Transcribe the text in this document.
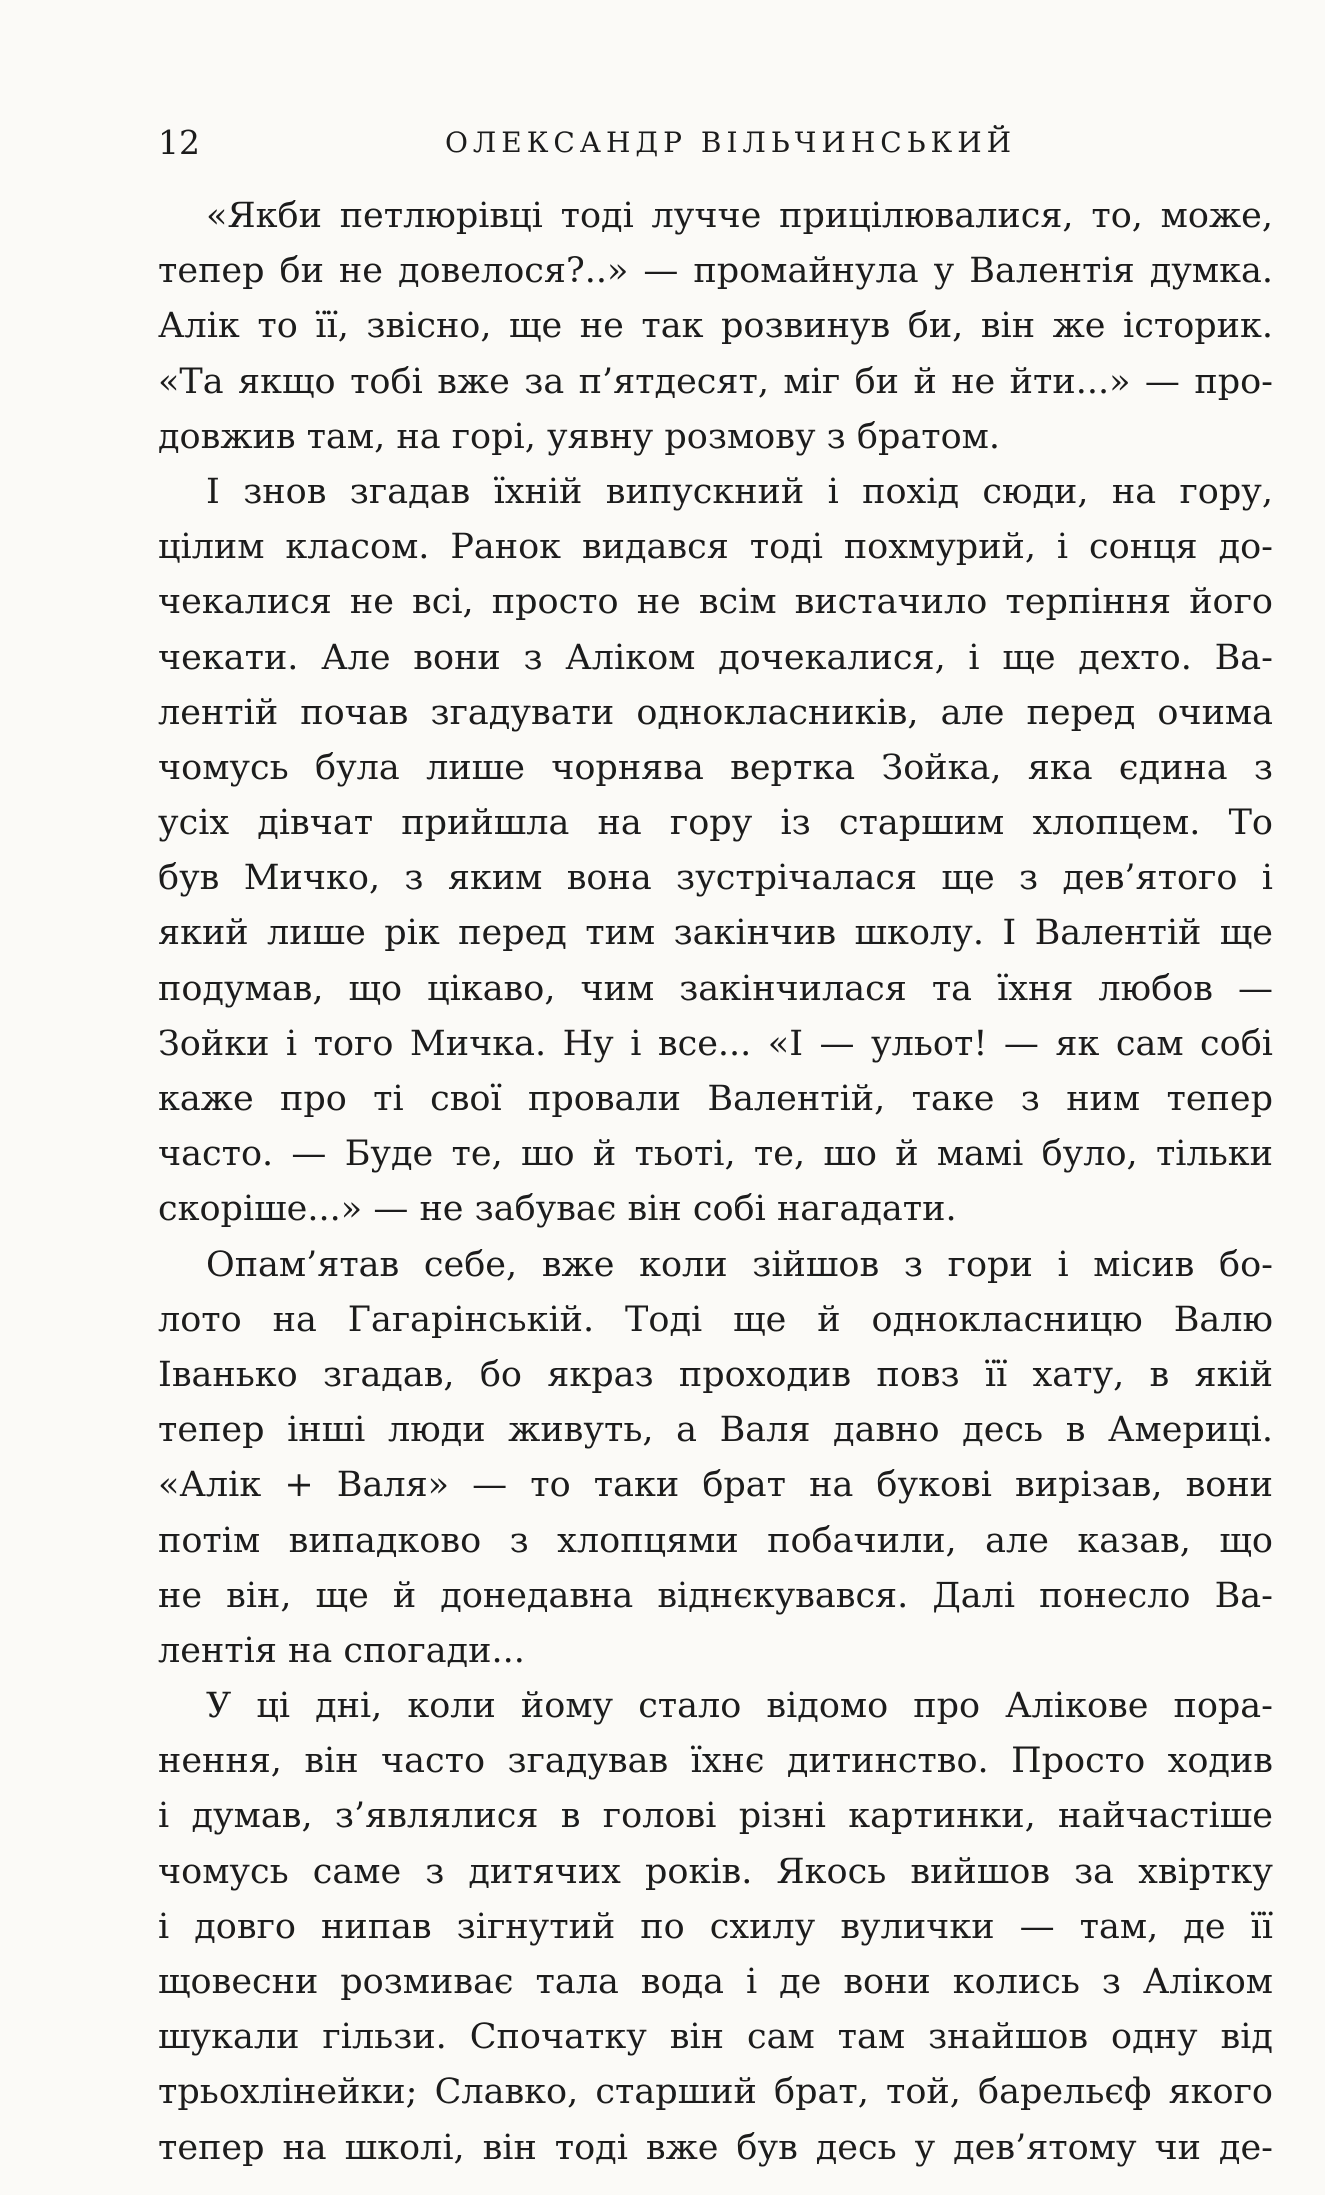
12	ОЛЕКСАНДР ВІЛЬЧИНСЬКИЙ
«Якби петлюрівці тоді лучче прицілювалися, то, може,
тепер би не довелося?..» — промайнула у Валентія думка.
Алік то її, звісно, ще не так розвинув би, він же історик.
«Та якщо тобі вже за п’ятдесят, міг би й не йти...» — про-
довжив там, на горі, уявну розмову з братом.
І знов згадав їхній випускний і похід сюди, на гору,
цілим класом. Ранок видався тоді похмурий, і сонця до-
чекалися не всі, просто не всім вистачило терпіння його
чекати. Але вони з Аліком дочекалися, і ще дехто. Ва-
лентій почав згадувати однокласників, але перед очима
чомусь була лише чорнява вертка Зойка, яка єдина з
усіх дівчат прийшла на гору із старшим хлопцем. То
був Мичко, з яким вона зустрічалася ще з дев’ятого і
який лише рік перед тим закінчив школу. І Валентій ще
подумав, що цікаво, чим закінчилася та їхня любов —
Зойки і того Мичка. Ну і все... «І — ульот! — як сам собі
каже про ті свої провали Валентій, таке з ним тепер
часто. — Буде те, шо й тьоті, те, шо й мамі було, тільки
скоріше...» — не забуває він собі нагадати.
Опам’ятав себе, вже коли зійшов з гори і місив бо-
лото на Гагарінській. Тоді ще й однокласницю Валю
Іванько згадав, бо якраз проходив повз її хату, в якій
тепер інші люди живуть, а Валя давно десь в Америці.
«Алік + Валя» — то таки брат на букові вирізав, вони
потім випадково з хлопцями побачили, але казав, що
не він, ще й донедавна віднєкувався. Далі понесло Ва-
лентія на спогади...
У ці дні, коли йому стало відомо про Алікове пора-
нення, він часто згадував їхнє дитинство. Просто ходив
і думав, з’являлися в голові різні картинки, найчастіше
чомусь саме з дитячих років. Якось вийшов за хвіртку
і довго нипав зігнутий по схилу вулички — там, де її
щовесни розмиває тала вода і де вони колись з Аліком
шукали гільзи. Спочатку він сам там знайшов одну від
трьохлінейки; Славко, старший брат, той, барельєф якого
тепер на школі, він тоді вже був десь у дев’ятому чи де-
